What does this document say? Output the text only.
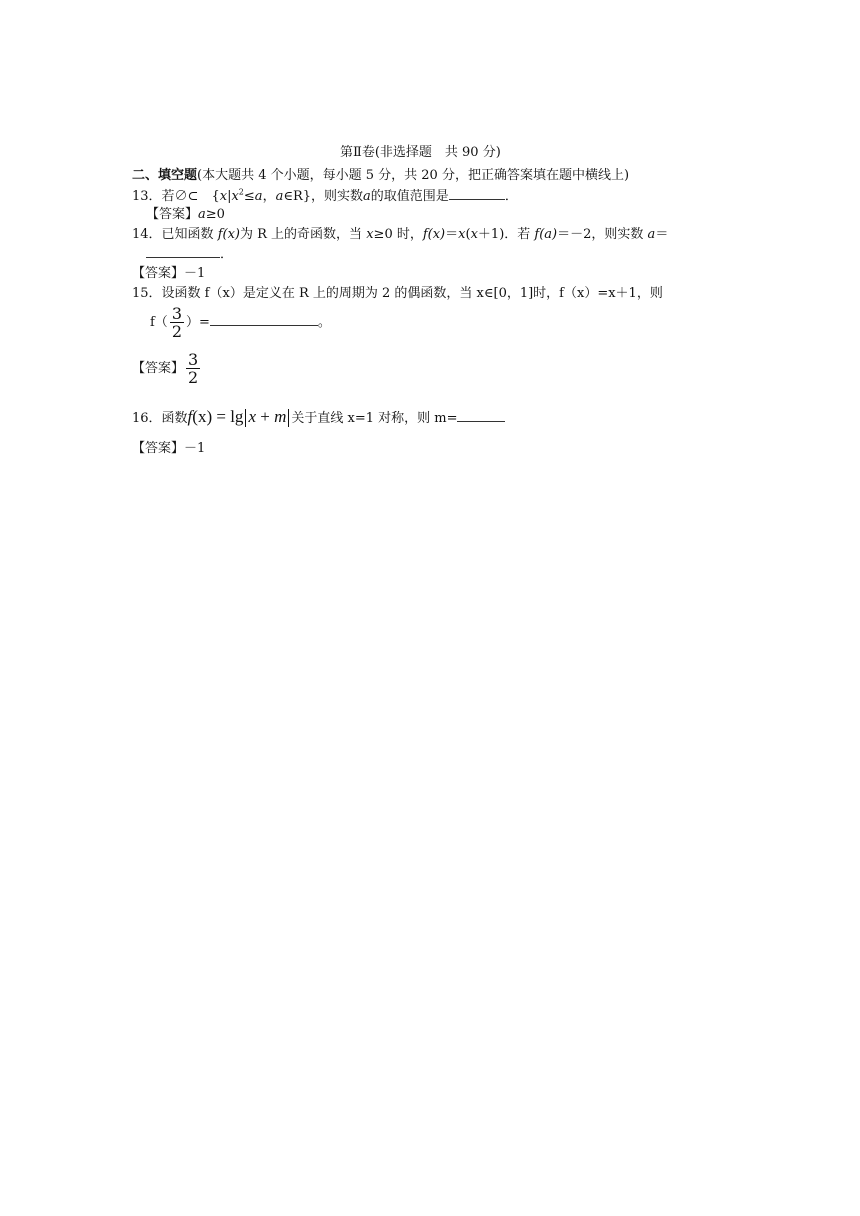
第Ⅱ卷(非选择题　共 90 分)
二、填空题(本大题共 4 个小题，每小题 5 分，共 20 分，把正确答案填在题中横线上)
13．若∅⊂　{$x|x^2\le a$，a∈R}，则实数a的取值范围是	．
【答案】a≥0
14．已知函数 f(x)为 R 上的奇函数，当 x≥0 时，f(x)＝x(x＋1)．若 f(a)＝－2，则实数 a＝
．
【答案】－1
15．设函数 f（x）是定义在 R 上的周期为 2 的偶函数，当 x∈[0，1]时，f（x）=x＋1，则
$f( \frac{3}{2}$ ）=	。
【答案】 $\frac{3}{2}$
16．函数f(x) = lg x + m 关于直线 x=1 对称，则 m=
【答案】－1
